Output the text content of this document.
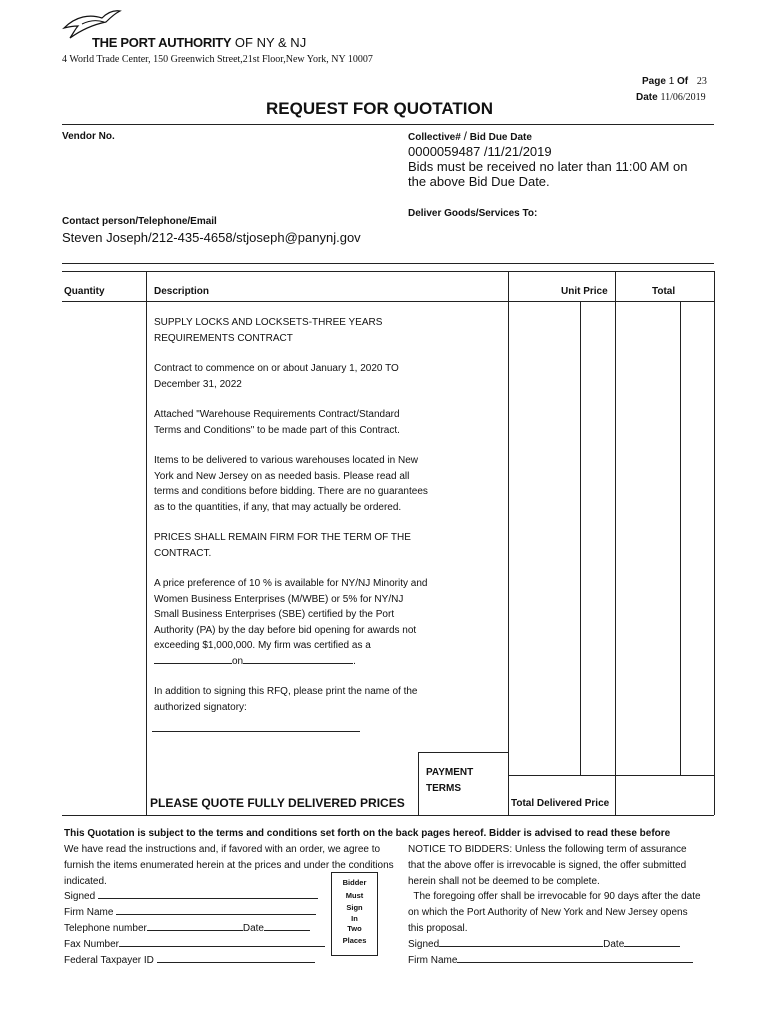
THE PORT AUTHORITY OF NY & NJ
4 World Trade Center, 150 Greenwich Street,21st Floor,New York, NY 10007
Page 1 Of 23
Date 11/06/2019
REQUEST FOR QUOTATION
Vendor No.	Collective# / Bid Due Date
0000059487 /11/21/2019
Bids must be received no later than 11:00 AM on
the above Bid Due Date.
Deliver Goods/Services To:
Contact person/Telephone/Email
Steven Joseph/212-435-4658/stjoseph@panynj.gov
Quantity	Description	Unit Price	Total

SUPPLY LOCKS AND LOCKSETS-THREE YEARS
REQUIREMENTS CONTRACT

Contract to commence on or about January 1, 2020 TO
December 31, 2022

Attached "Warehouse Requirements Contract/Standard
Terms and Conditions" to be made part of this Contract.

Items to be delivered to various warehouses located in New
York and New Jersey on as needed basis. Please read all
terms and conditions before bidding. There are no guarantees
as to the quantities, if any, that may actually be ordered.

PRICES SHALL REMAIN FIRM FOR THE TERM OF THE
CONTRACT.

A price preference of 10 % is available for NY/NJ Minority and
Women Business Enterprises (M/WBE) or 5% for NY/NJ
Small Business Enterprises (SBE) certified by the Port
Authority (PA) by the day before bid opening for awards not
exceeding $1,000,000. My firm was certified as a
on	.

In addition to signing this RFQ, please print the name of the
authorized signatory:

PAYMENT
TERMS
PLEASE QUOTE FULLY DELIVERED PRICES	Total Delivered Price
This Quotation is subject to the terms and conditions set forth on the back pages hereof. Bidder is advised to read these before
We have read the instructions and, if favored with an order, we agree to
furnish the items enumerated herein at the prices and under the conditions
indicated.
Signed
Firm Name
Telephone number	Date
Fax Number
Federal Taxpayer ID
Bidder
Must
Sign
In
Two
Places
NOTICE TO BIDDERS: Unless the following term of assurance
that the above offer is irrevocable is signed, the offer submitted
herein shall not be deemed to be complete.
The foregoing offer shall be irrevocable for 90 days after the date
on which the Port Authority of New York and New Jersey opens
this proposal.
Signed	Date
Firm Name
